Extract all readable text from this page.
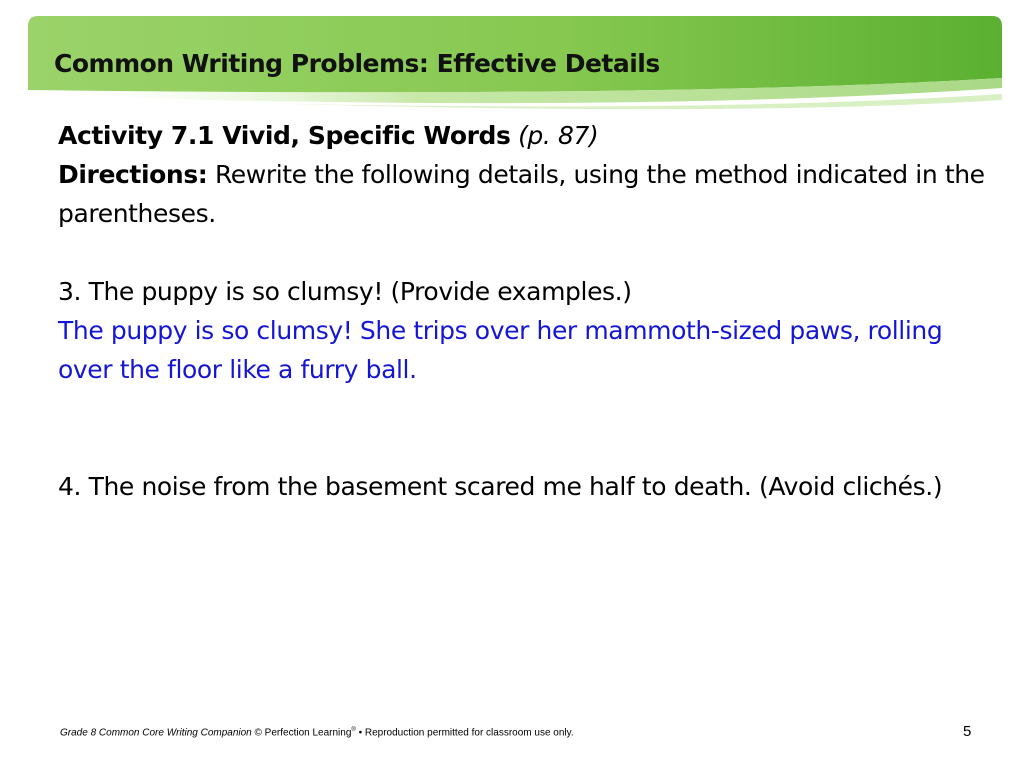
Common Writing Problems: Effective Details

Activity 7.1 Vivid, Specific Words (p. 87)

Directions: Rewrite the following details, using the method indicated in the parentheses.

3. The puppy is so clumsy! (Provide examples.)

The puppy is so clumsy! She trips over her mammoth-sized paws, rolling over the floor like a furry ball.

4. The noise from the basement scared me half to death. (Avoid clichés.)

Grade 8 Common Core Writing Companion © Perfection Learning® • Reproduction permitted for classroom use only.	5
